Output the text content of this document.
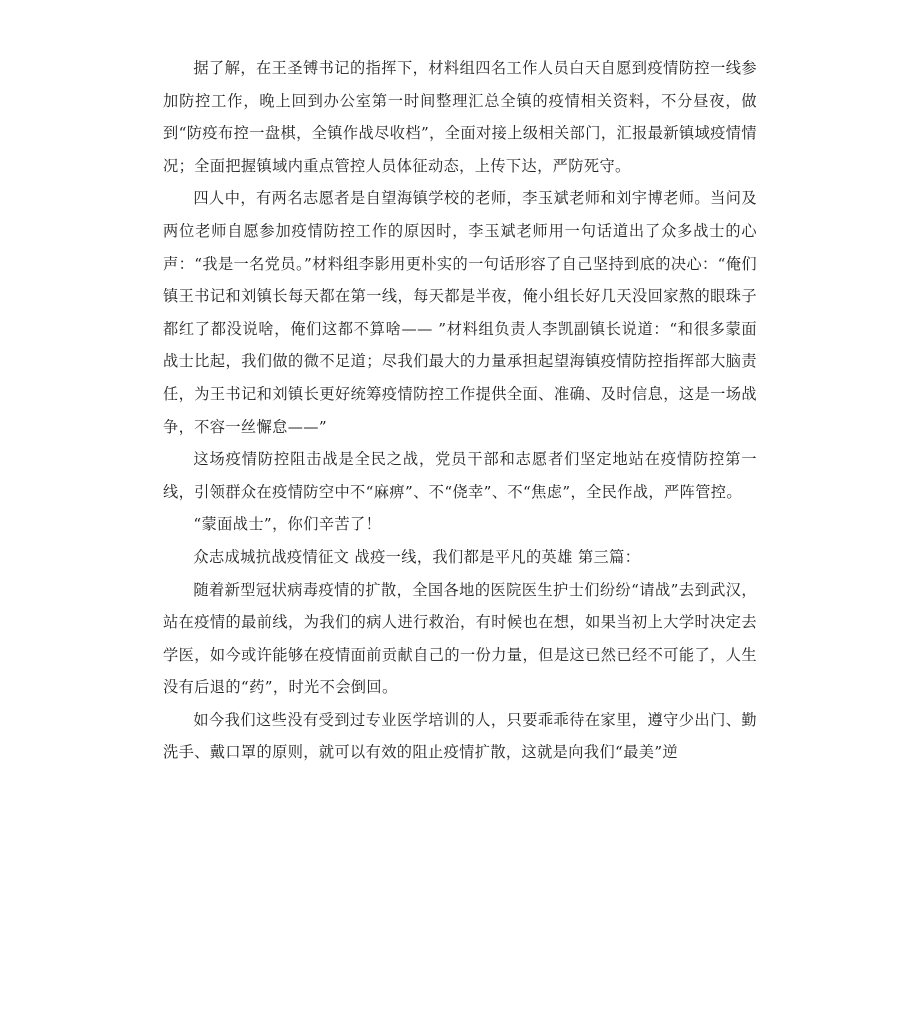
据了解，在王圣镈书记的指挥下，材料组四名工作人员白天自愿到疫情防控一线参加防控工作，晚上回到办公室第一时间整理汇总全镇的疫情相关资料，不分昼夜，做到“防疫布控一盘棋，全镇作战尽收档”，全面对接上级相关部门，汇报最新镇域疫情情况；全面把握镇域内重点管控人员体征动态，上传下达，严防死守。

四人中，有两名志愿者是自望海镇学校的老师，李玉斌老师和刘宇博老师。当问及两位老师自愿参加疫情防控工作的原因时，李玉斌老师用一句话道出了众多战士的心声：“我是一名党员。”材料组李影用更朴实的一句话形容了自己坚持到底的决心：“俺们镇王书记和刘镇长每天都在第一线，每天都是半夜，俺小组长好几天没回家熬的眼珠子都红了都没说啥，俺们这都不算啥—— ”材料组负责人李凯副镇长说道：“和很多蒙面战士比起，我们做的微不足道；尽我们最大的力量承担起望海镇疫情防控指挥部大脑责任，为王书记和刘镇长更好统筹疫情防控工作提供全面、准确、及时信息，这是一场战争，不容一丝懈怠——”

这场疫情防控阻击战是全民之战，党员干部和志愿者们坚定地站在疫情防控第一线，引领群众在疫情防空中不“麻痹”、不“侥幸”、不“焦虑”，全民作战，严阵管控。

“蒙面战士”，你们辛苦了！

众志成城抗战疫情征文 战疫一线，我们都是平凡的英雄 第三篇：

随着新型冠状病毒疫情的扩散，全国各地的医院医生护士们纷纷“请战”去到武汉，站在疫情的最前线，为我们的病人进行救治，有时候也在想，如果当初上大学时决定去学医，如今或许能够在疫情面前贡献自己的一份力量，但是这已然已经不可能了，人生没有后退的“药”，时光不会倒回。

如今我们这些没有受到过专业医学培训的人，只要乖乖待在家里，遵守少出门、勤洗手、戴口罩的原则，就可以有效的阻止疫情扩散，这就是向我们“最美”逆
